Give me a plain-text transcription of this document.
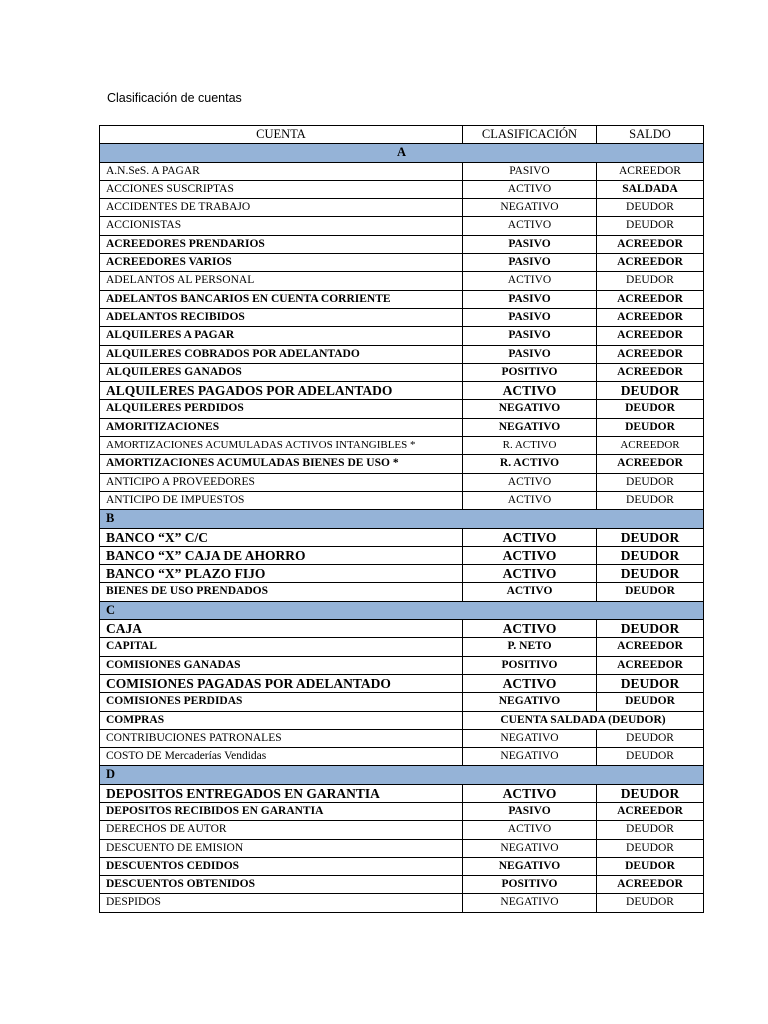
Clasificación de cuentas
CUENTA	CLASIFICACIÓN	SALDO
A		
A.N.SeS. A PAGAR	PASIVO	ACREEDOR
ACCIONES SUSCRIPTAS	ACTIVO	SALDADA
ACCIDENTES DE TRABAJO	NEGATIVO	DEUDOR
ACCIONISTAS	ACTIVO	DEUDOR
ACREEDORES PRENDARIOS	PASIVO	ACREEDOR
ACREEDORES VARIOS	PASIVO	ACREEDOR
ADELANTOS AL PERSONAL	ACTIVO	DEUDOR
ADELANTOS BANCARIOS EN CUENTA CORRIENTE	PASIVO	ACREEDOR
ADELANTOS RECIBIDOS	PASIVO	ACREEDOR
ALQUILERES A PAGAR	PASIVO	ACREEDOR
ALQUILERES COBRADOS POR ADELANTADO	PASIVO	ACREEDOR
ALQUILERES GANADOS	POSITIVO	ACREEDOR
ALQUILERES PAGADOS POR ADELANTADO	ACTIVO	DEUDOR
ALQUILERES PERDIDOS	NEGATIVO	DEUDOR
AMORITIZACIONES	NEGATIVO	DEUDOR
AMORTIZACIONES ACUMULADAS ACTIVOS INTANGIBLES *	R. ACTIVO	ACREEDOR
AMORTIZACIONES ACUMULADAS BIENES DE USO *	R. ACTIVO	ACREEDOR
ANTICIPO A PROVEEDORES	ACTIVO	DEUDOR
ANTICIPO DE IMPUESTOS	ACTIVO	DEUDOR
B		
BANCO “X” C/C	ACTIVO	DEUDOR
BANCO “X” CAJA DE AHORRO	ACTIVO	DEUDOR
BANCO “X” PLAZO FIJO	ACTIVO	DEUDOR
BIENES DE USO PRENDADOS	ACTIVO	DEUDOR
C		
CAJA	ACTIVO	DEUDOR
CAPITAL	P. NETO	ACREEDOR
COMISIONES GANADAS	POSITIVO	ACREEDOR
COMISIONES PAGADAS POR ADELANTADO	ACTIVO	DEUDOR
COMISIONES PERDIDAS	NEGATIVO	DEUDOR
COMPRAS	CUENTA SALDADA (DEUDOR)	
CONTRIBUCIONES PATRONALES	NEGATIVO	DEUDOR
COSTO DE Mercaderías Vendidas	NEGATIVO	DEUDOR
D		
DEPOSITOS ENTREGADOS EN GARANTIA	ACTIVO	DEUDOR
DEPOSITOS RECIBIDOS EN GARANTIA	PASIVO	ACREEDOR
DERECHOS DE AUTOR	ACTIVO	DEUDOR
DESCUENTO DE EMISION	NEGATIVO	DEUDOR
DESCUENTOS CEDIDOS	NEGATIVO	DEUDOR
DESCUENTOS OBTENIDOS	POSITIVO	ACREEDOR
DESPIDOS	NEGATIVO	DEUDOR
